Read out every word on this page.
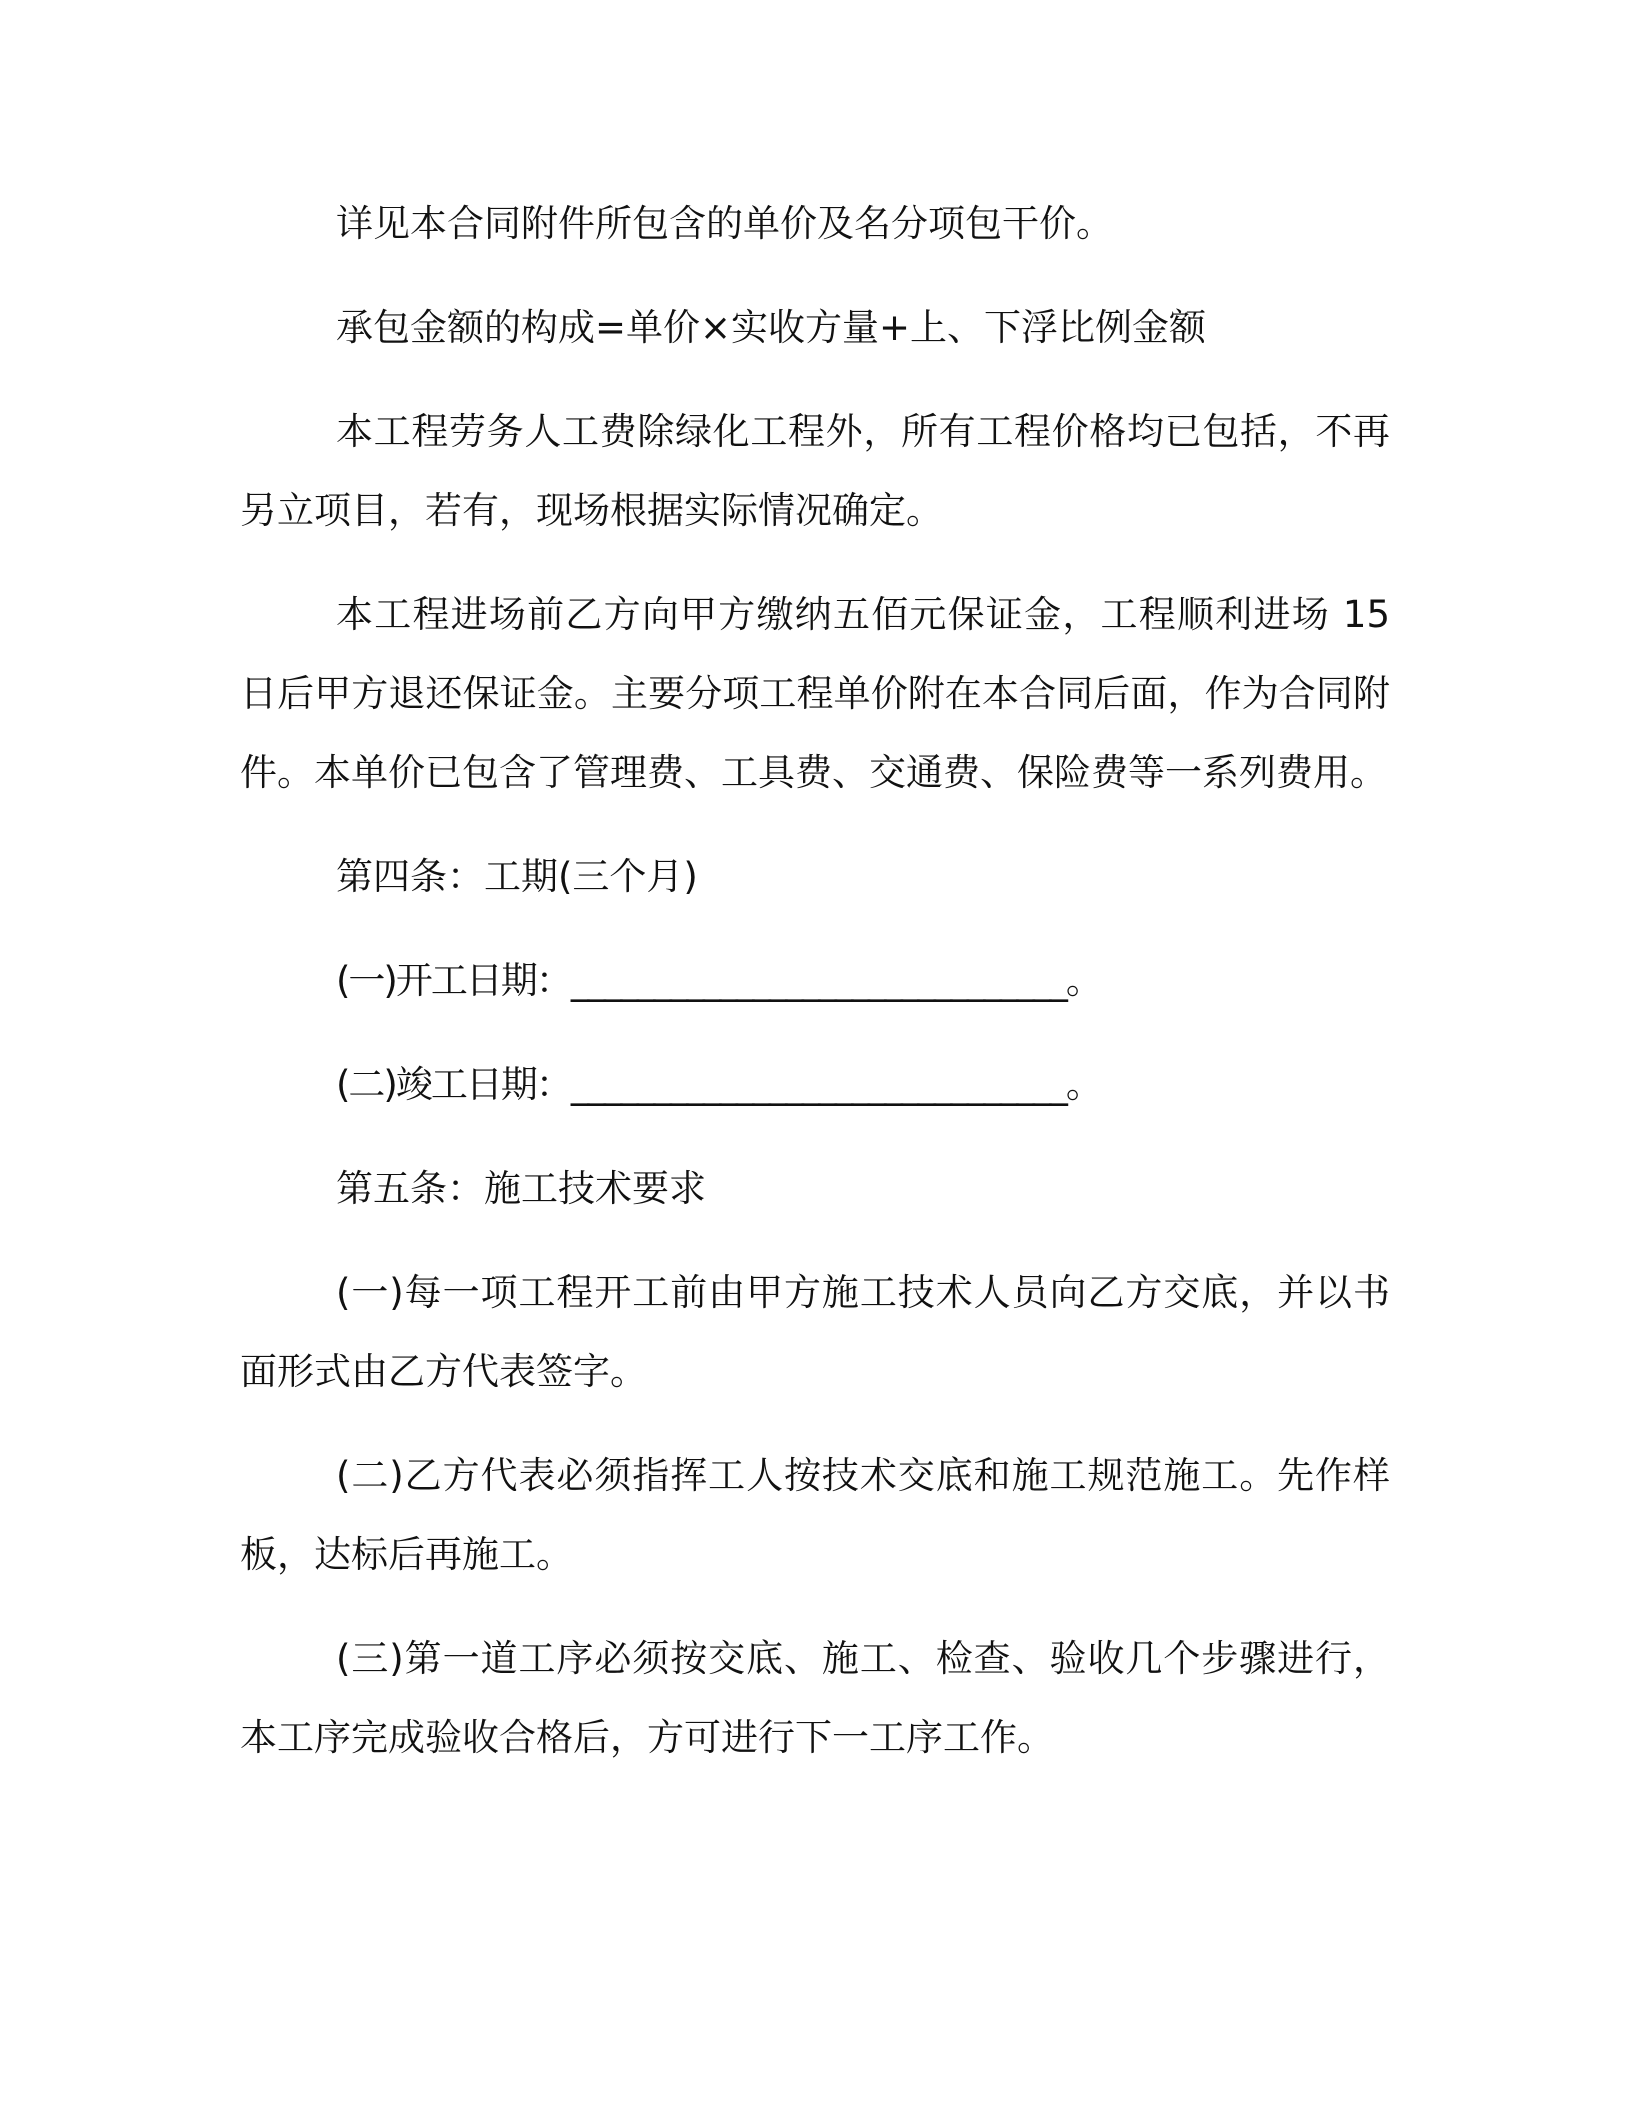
详见本合同附件所包含的单价及名分项包干价。

承包金额的构成=单价×实收方量+上、下浮比例金额

本工程劳务人工费除绿化工程外，所有工程价格均已包括，不再另立项目，若有，现场根据实际情况确定。

本工程进场前乙方向甲方缴纳五佰元保证金，工程顺利进场 15日后甲方退还保证金。主要分项工程单价附在本合同后面，作为合同附件。本单价已包含了管理费、工具费、交通费、保险费等一系列费用。

第四条：工期(三个月)

(一)开工日期：______________________________。

(二)竣工日期：______________________________。

第五条：施工技术要求

(一)每一项工程开工前由甲方施工技术人员向乙方交底，并以书面形式由乙方代表签字。

(二)乙方代表必须指挥工人按技术交底和施工规范施工。先作样板，达标后再施工。

(三)第一道工序必须按交底、施工、检查、验收几个步骤进行，本工序完成验收合格后，方可进行下一工序工作。
